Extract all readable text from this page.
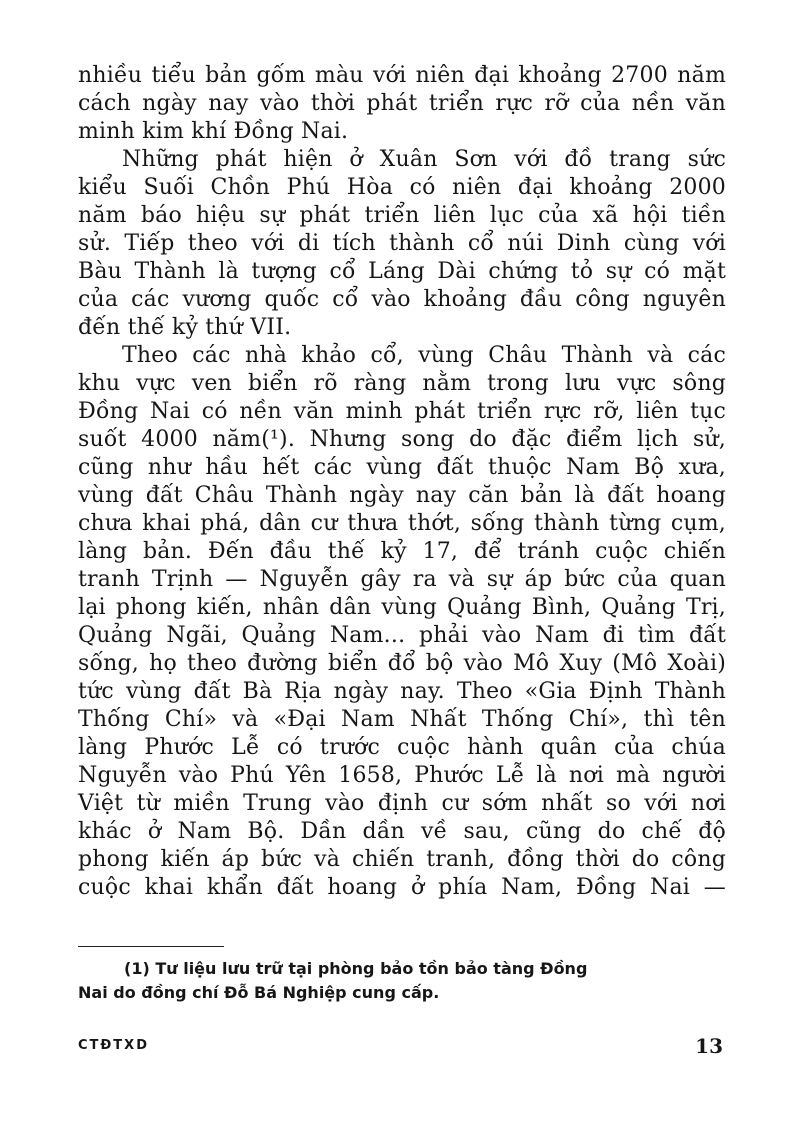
nhiều tiểu bản gốm màu với niên đại khoảng 2700 năm
cách ngày nay vào thời phát triển rực rỡ của nền văn
minh kim khí Đồng Nai.
Những phát hiện ở Xuân Sơn với đồ trang sức
kiểu Suối Chồn Phú Hòa có niên đại khoảng 2000
năm báo hiệu sự phát triển liên lục của xã hội tiền
sử. Tiếp theo với di tích thành cổ núi Dinh cùng với
Bàu Thành là tượng cổ Láng Dài chứng tỏ sự có mặt
của các vương quốc cổ vào khoảng đầu công nguyên
đến thế kỷ thứ VII.
Theo các nhà khảo cổ, vùng Châu Thành và các
khu vực ven biển rõ ràng nằm trong lưu vực sông
Đồng Nai có nền văn minh phát triển rực rỡ, liên tục
suốt 4000 năm(¹). Nhưng song do đặc điểm lịch sử,
cũng như hầu hết các vùng đất thuộc Nam Bộ xưa,
vùng đất Châu Thành ngày nay căn bản là đất hoang
chưa khai phá, dân cư thưa thớt, sống thành từng cụm,
làng bản. Đến đầu thế kỷ 17, để tránh cuộc chiến
tranh Trịnh — Nguyễn gây ra và sự áp bức của quan
lại phong kiến, nhân dân vùng Quảng Bình, Quảng Trị,
Quảng Ngãi, Quảng Nam... phải vào Nam đi tìm đất
sống, họ theo đường biển đổ bộ vào Mô Xuy (Mô Xoài)
tức vùng đất Bà Rịa ngày nay. Theo «Gia Định Thành
Thống Chí» và «Đại Nam Nhất Thống Chí», thì tên
làng Phước Lễ có trước cuộc hành quân của chúa
Nguyễn vào Phú Yên 1658, Phước Lễ là nơi mà người
Việt từ miền Trung vào định cư sớm nhất so với nơi
khác ở Nam Bộ. Dần dần về sau, cũng do chế độ
phong kiến áp bức và chiến tranh, đồng thời do công
cuộc khai khẩn đất hoang ở phía Nam, Đồng Nai —
(1) Tư liệu lưu trữ tại phòng bảo tồn bảo tàng Đồng
Nai do đồng chí Đỗ Bá Nghiệp cung cấp.
CTĐTXD	13
